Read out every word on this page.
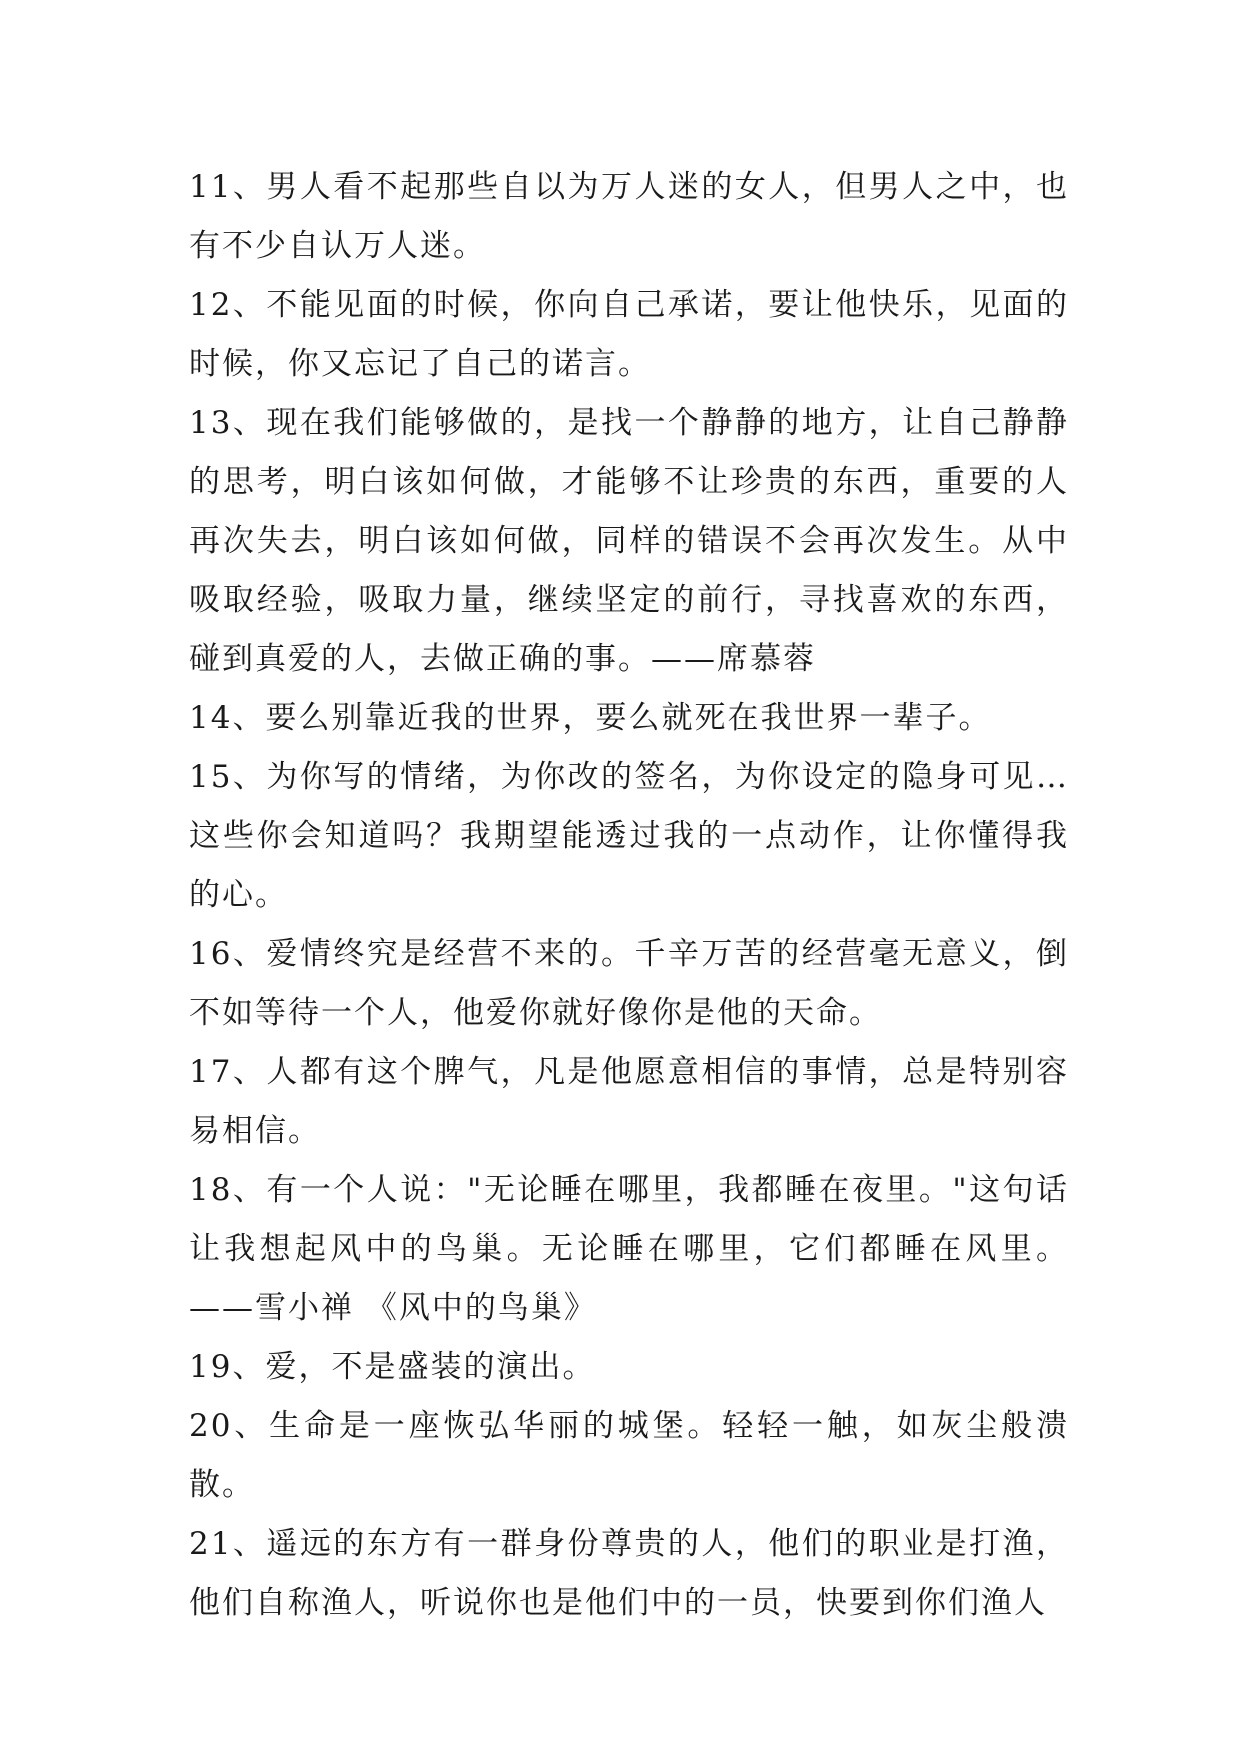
11、男人看不起那些自以为万人迷的女人，但男人之中，也有不少自认万人迷。

12、不能见面的时候，你向自己承诺，要让他快乐，见面的时候，你又忘记了自己的诺言。

13、现在我们能够做的，是找一个静静的地方，让自己静静的思考，明白该如何做，才能够不让珍贵的东西，重要的人再次失去，明白该如何做，同样的错误不会再次发生。从中吸取经验，吸取力量，继续坚定的前行，寻找喜欢的东西，碰到真爱的人，去做正确的事。——席慕蓉

14、要么别靠近我的世界，要么就死在我世界一辈子。

15、为你写的情绪，为你改的签名，为你设定的隐身可见…这些你会知道吗？我期望能透过我的一点动作，让你懂得我的心。

16、爱情终究是经营不来的。千辛万苦的经营毫无意义，倒不如等待一个人，他爱你就好像你是他的天命。

17、人都有这个脾气，凡是他愿意相信的事情，总是特别容易相信。

18、有一个人说："无论睡在哪里，我都睡在夜里。"这句话让我想起风中的鸟巢。无论睡在哪里，它们都睡在风里。——雪小禅 《风中的鸟巢》

19、爱，不是盛装的演出。

20、生命是一座恢弘华丽的城堡。轻轻一触，如灰尘般溃散。

21、遥远的东方有一群身份尊贵的人，他们的职业是打渔，他们自称渔人，听说你也是他们中的一员，快要到你们渔人
